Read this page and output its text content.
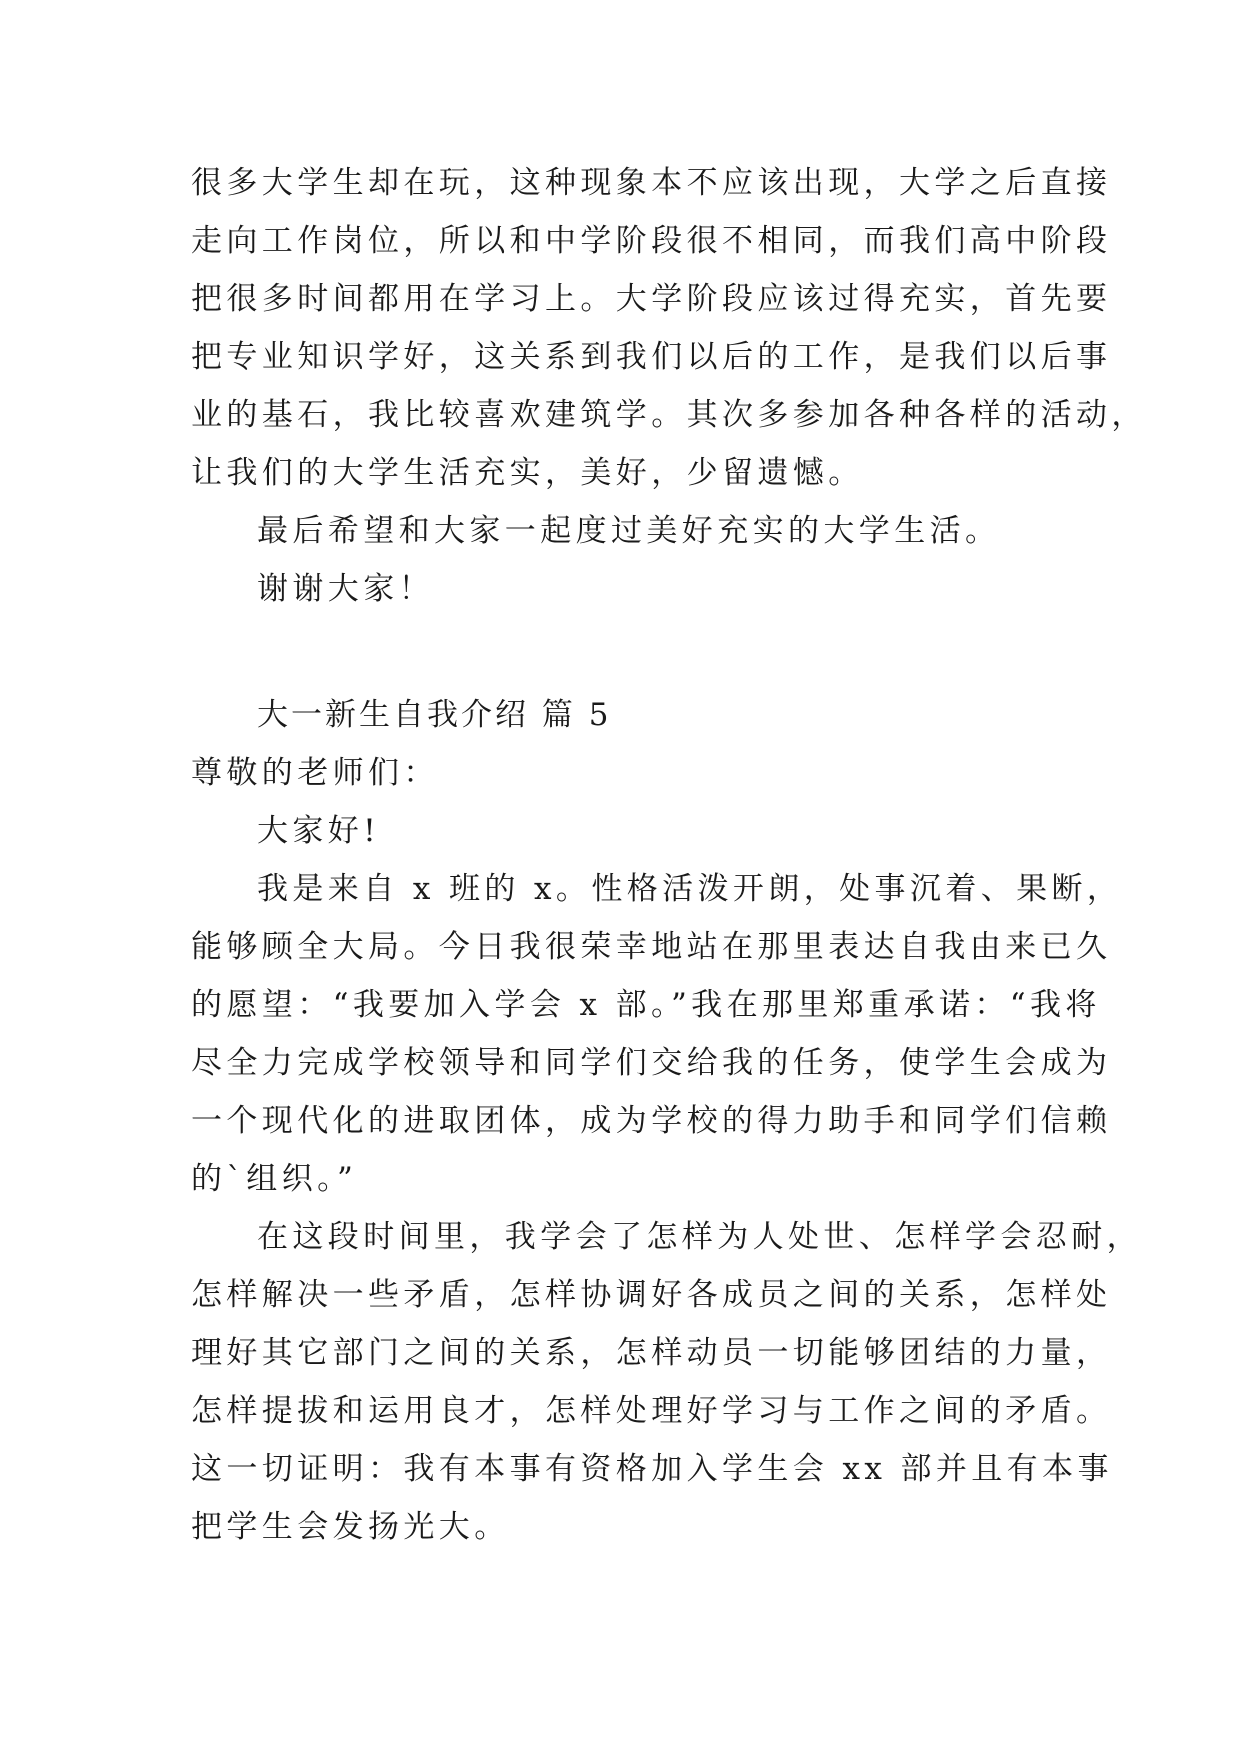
很多大学生却在玩，这种现象本不应该出现，大学之后直接
走向工作岗位，所以和中学阶段很不相同，而我们高中阶段
把很多时间都用在学习上。大学阶段应该过得充实，首先要
把专业知识学好，这关系到我们以后的工作，是我们以后事
业的基石，我比较喜欢建筑学。其次多参加各种各样的活动，
让我们的大学生活充实，美好，少留遗憾。
最后希望和大家一起度过美好充实的大学生活。
谢谢大家！
大一新生自我介绍 篇 5
尊敬的老师们：
大家好!
我是来自 x 班的 x。性格活泼开朗，处事沉着、果断，
能够顾全大局。今日我很荣幸地站在那里表达自我由来已久
的愿望：“我要加入学会 x 部。”我在那里郑重承诺：“我将
尽全力完成学校领导和同学们交给我的任务，使学生会成为
一个现代化的进取团体，成为学校的得力助手和同学们信赖
的`组织。”
在这段时间里，我学会了怎样为人处世、怎样学会忍耐，
怎样解决一些矛盾，怎样协调好各成员之间的关系，怎样处
理好其它部门之间的关系，怎样动员一切能够团结的力量，
怎样提拔和运用良才，怎样处理好学习与工作之间的矛盾。
这一切证明：我有本事有资格加入学生会 xx 部并且有本事
把学生会发扬光大。
